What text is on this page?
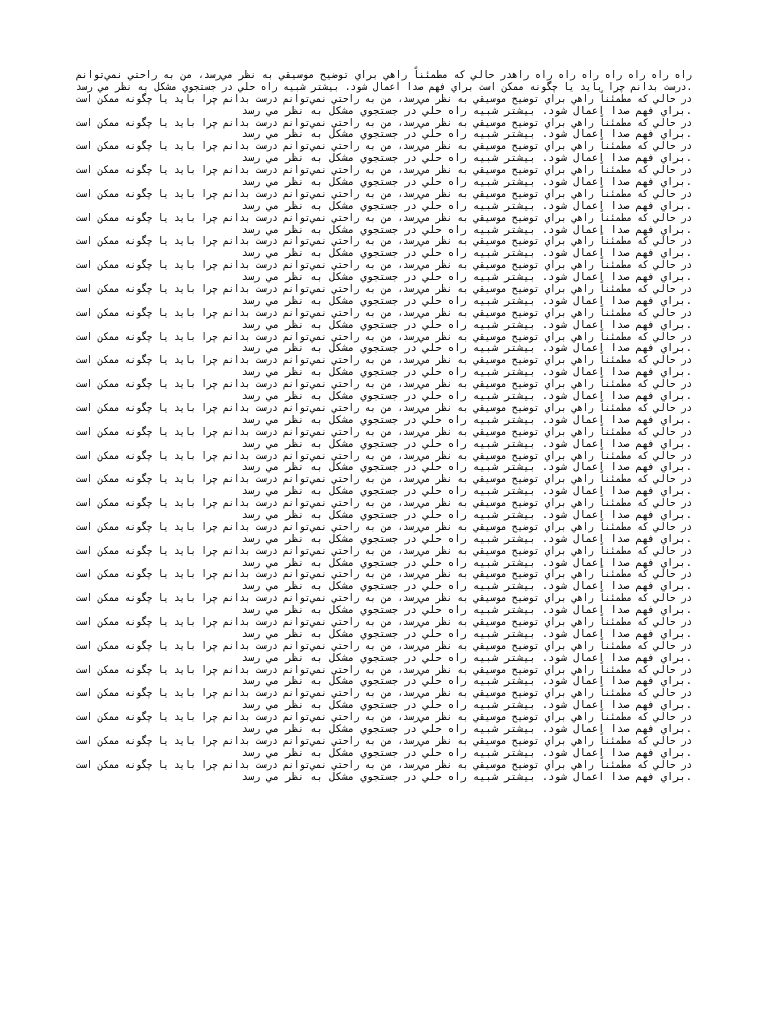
راه راه راه راه راه راه راه راهدر حالي كه مطمئناً راهي براي توضيح موسيقي به نظر مي‌رسد، من به راحتي نمي‌توانم
.درست بدانم چرا بايد يا چگونه ممكن است براي فهم صدا اعمال شود. بيشتر شبيه راه حلي در جستجوي مشكل به نظر مي رسد
در حالي كه مطمئناً راهي براي توضيح موسيقي به نظر مي‌رسد، من به راحتي نمي‌توانم درست بدانم چرا بايد يا چگونه ممكن است
.براي فهم صدا اعمال شود. بيشتر شبيه راه حلي در جستجوي مشكل به نظر مي رسد
در حالي كه مطمئناً راهي براي توضيح موسيقي به نظر مي‌رسد، من به راحتي نمي‌توانم درست بدانم چرا بايد يا چگونه ممكن است
.براي فهم صدا اعمال شود. بيشتر شبيه راه حلي در جستجوي مشكل به نظر مي رسد
در حالي كه مطمئناً راهي براي توضيح موسيقي به نظر مي‌رسد، من به راحتي نمي‌توانم درست بدانم چرا بايد يا چگونه ممكن است
.براي فهم صدا اعمال شود. بيشتر شبيه راه حلي در جستجوي مشكل به نظر مي رسد
در حالي كه مطمئناً راهي براي توضيح موسيقي به نظر مي‌رسد، من به راحتي نمي‌توانم درست بدانم چرا بايد يا چگونه ممكن است
.براي فهم صدا اعمال شود. بيشتر شبيه راه حلي در جستجوي مشكل به نظر مي رسد
در حالي كه مطمئناً راهي براي توضيح موسيقي به نظر مي‌رسد، من به راحتي نمي‌توانم درست بدانم چرا بايد يا چگونه ممكن است
.براي فهم صدا اعمال شود. بيشتر شبيه راه حلي در جستجوي مشكل به نظر مي رسد
در حالي كه مطمئناً راهي براي توضيح موسيقي به نظر مي‌رسد، من به راحتي نمي‌توانم درست بدانم چرا بايد يا چگونه ممكن است
.براي فهم صدا اعمال شود. بيشتر شبيه راه حلي در جستجوي مشكل به نظر مي رسد
در حالي كه مطمئناً راهي براي توضيح موسيقي به نظر مي‌رسد، من به راحتي نمي‌توانم درست بدانم چرا بايد يا چگونه ممكن است
.براي فهم صدا اعمال شود. بيشتر شبيه راه حلي در جستجوي مشكل به نظر مي رسد
در حالي كه مطمئناً راهي براي توضيح موسيقي به نظر مي‌رسد، من به راحتي نمي‌توانم درست بدانم چرا بايد يا چگونه ممكن است
.براي فهم صدا اعمال شود. بيشتر شبيه راه حلي در جستجوي مشكل به نظر مي رسد
در حالي كه مطمئناً راهي براي توضيح موسيقي به نظر مي‌رسد، من به راحتي نمي‌توانم درست بدانم چرا بايد يا چگونه ممكن است
.براي فهم صدا اعمال شود. بيشتر شبيه راه حلي در جستجوي مشكل به نظر مي رسد
در حالي كه مطمئناً راهي براي توضيح موسيقي به نظر مي‌رسد، من به راحتي نمي‌توانم درست بدانم چرا بايد يا چگونه ممكن است
.براي فهم صدا اعمال شود. بيشتر شبيه راه حلي در جستجوي مشكل به نظر مي رسد
در حالي كه مطمئناً راهي براي توضيح موسيقي به نظر مي‌رسد، من به راحتي نمي‌توانم درست بدانم چرا بايد يا چگونه ممكن است
.براي فهم صدا اعمال شود. بيشتر شبيه راه حلي در جستجوي مشكل به نظر مي رسد
در حالي كه مطمئناً راهي براي توضيح موسيقي به نظر مي‌رسد، من به راحتي نمي‌توانم درست بدانم چرا بايد يا چگونه ممكن است
.براي فهم صدا اعمال شود. بيشتر شبيه راه حلي در جستجوي مشكل به نظر مي رسد
در حالي كه مطمئناً راهي براي توضيح موسيقي به نظر مي‌رسد، من به راحتي نمي‌توانم درست بدانم چرا بايد يا چگونه ممكن است
.براي فهم صدا اعمال شود. بيشتر شبيه راه حلي در جستجوي مشكل به نظر مي رسد
در حالي كه مطمئناً راهي براي توضيح موسيقي به نظر مي‌رسد، من به راحتي نمي‌توانم درست بدانم چرا بايد يا چگونه ممكن است
.براي فهم صدا اعمال شود. بيشتر شبيه راه حلي در جستجوي مشكل به نظر مي رسد
در حالي كه مطمئناً راهي براي توضيح موسيقي به نظر مي‌رسد، من به راحتي نمي‌توانم درست بدانم چرا بايد يا چگونه ممكن است
.براي فهم صدا اعمال شود. بيشتر شبيه راه حلي در جستجوي مشكل به نظر مي رسد
در حالي كه مطمئناً راهي براي توضيح موسيقي به نظر مي‌رسد، من به راحتي نمي‌توانم درست بدانم چرا بايد يا چگونه ممكن است
.براي فهم صدا اعمال شود. بيشتر شبيه راه حلي در جستجوي مشكل به نظر مي رسد
در حالي كه مطمئناً راهي براي توضيح موسيقي به نظر مي‌رسد، من به راحتي نمي‌توانم درست بدانم چرا بايد يا چگونه ممكن است
.براي فهم صدا اعمال شود. بيشتر شبيه راه حلي در جستجوي مشكل به نظر مي رسد
در حالي كه مطمئناً راهي براي توضيح موسيقي به نظر مي‌رسد، من به راحتي نمي‌توانم درست بدانم چرا بايد يا چگونه ممكن است
.براي فهم صدا اعمال شود. بيشتر شبيه راه حلي در جستجوي مشكل به نظر مي رسد
در حالي كه مطمئناً راهي براي توضيح موسيقي به نظر مي‌رسد، من به راحتي نمي‌توانم درست بدانم چرا بايد يا چگونه ممكن است
.براي فهم صدا اعمال شود. بيشتر شبيه راه حلي در جستجوي مشكل به نظر مي رسد
در حالي كه مطمئناً راهي براي توضيح موسيقي به نظر مي‌رسد، من به راحتي نمي‌توانم درست بدانم چرا بايد يا چگونه ممكن است
.براي فهم صدا اعمال شود. بيشتر شبيه راه حلي در جستجوي مشكل به نظر مي رسد
در حالي كه مطمئناً راهي براي توضيح موسيقي به نظر مي‌رسد، من به راحتي نمي‌توانم درست بدانم چرا بايد يا چگونه ممكن است
.براي فهم صدا اعمال شود. بيشتر شبيه راه حلي در جستجوي مشكل به نظر مي رسد
در حالي كه مطمئناً راهي براي توضيح موسيقي به نظر مي‌رسد، من به راحتي نمي‌توانم درست بدانم چرا بايد يا چگونه ممكن است
.براي فهم صدا اعمال شود. بيشتر شبيه راه حلي در جستجوي مشكل به نظر مي رسد
در حالي كه مطمئناً راهي براي توضيح موسيقي به نظر مي‌رسد، من به راحتي نمي‌توانم درست بدانم چرا بايد يا چگونه ممكن است
.براي فهم صدا اعمال شود. بيشتر شبيه راه حلي در جستجوي مشكل به نظر مي رسد
در حالي كه مطمئناً راهي براي توضيح موسيقي به نظر مي‌رسد، من به راحتي نمي‌توانم درست بدانم چرا بايد يا چگونه ممكن است
.براي فهم صدا اعمال شود. بيشتر شبيه راه حلي در جستجوي مشكل به نظر مي رسد
در حالي كه مطمئناً راهي براي توضيح موسيقي به نظر مي‌رسد، من به راحتي نمي‌توانم درست بدانم چرا بايد يا چگونه ممكن است
.براي فهم صدا اعمال شود. بيشتر شبيه راه حلي در جستجوي مشكل به نظر مي رسد
در حالي كه مطمئناً راهي براي توضيح موسيقي به نظر مي‌رسد، من به راحتي نمي‌توانم درست بدانم چرا بايد يا چگونه ممكن است
.براي فهم صدا اعمال شود. بيشتر شبيه راه حلي در جستجوي مشكل به نظر مي رسد
در حالي كه مطمئناً راهي براي توضيح موسيقي به نظر مي‌رسد، من به راحتي نمي‌توانم درست بدانم چرا بايد يا چگونه ممكن است
.براي فهم صدا اعمال شود. بيشتر شبيه راه حلي در جستجوي مشكل به نظر مي رسد
در حالي كه مطمئناً راهي براي توضيح موسيقي به نظر مي‌رسد، من به راحتي نمي‌توانم درست بدانم چرا بايد يا چگونه ممكن است
.براي فهم صدا اعمال شود. بيشتر شبيه راه حلي در جستجوي مشكل به نظر مي رسد
در حالي كه مطمئناً راهي براي توضيح موسيقي به نظر مي‌رسد، من به راحتي نمي‌توانم درست بدانم چرا بايد يا چگونه ممكن است
.براي فهم صدا اعمال شود. بيشتر شبيه راه حلي در جستجوي مشكل به نظر مي رسد
